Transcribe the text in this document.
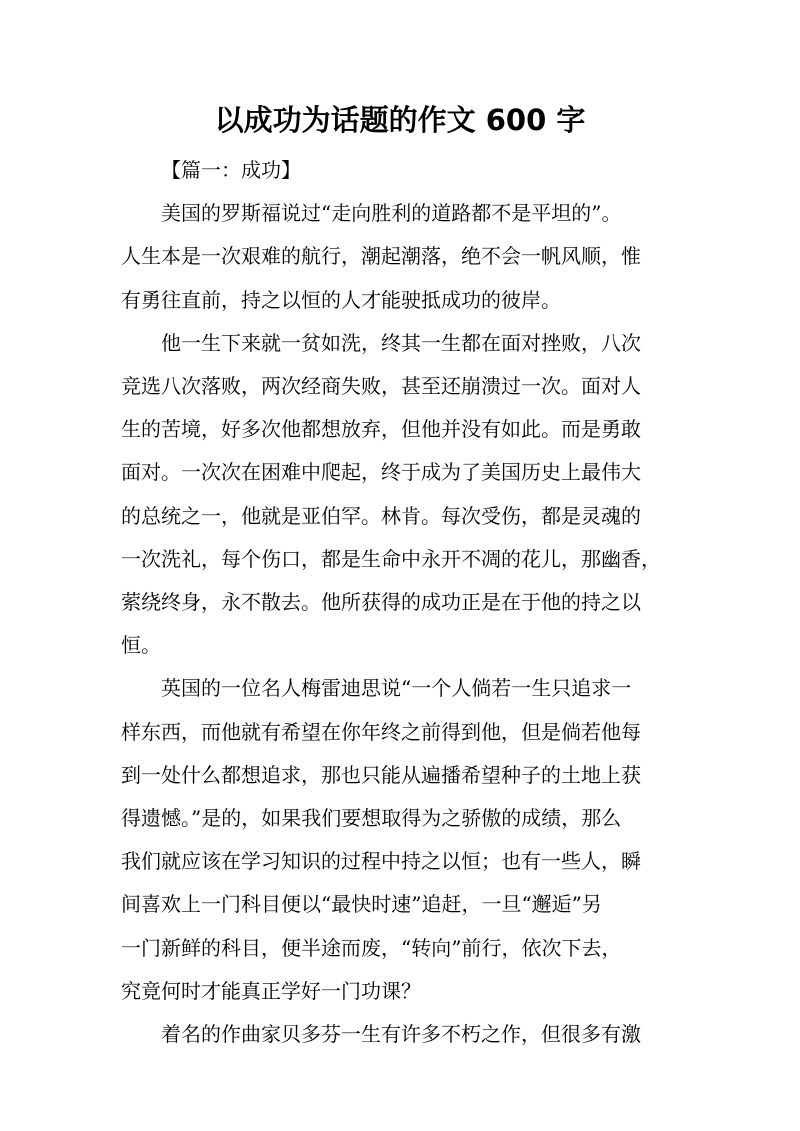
以成功为话题的作文 600 字
【篇一：成功】
美国的罗斯福说过“走向胜利的道路都不是平坦的”。
人生本是一次艰难的航行，潮起潮落，绝不会一帆风顺，惟
有勇往直前，持之以恒的人才能驶抵成功的彼岸。
他一生下来就一贫如洗，终其一生都在面对挫败，八次
竞选八次落败，两次经商失败，甚至还崩溃过一次。面对人
生的苦境，好多次他都想放弃，但他并没有如此。而是勇敢
面对。一次次在困难中爬起，终于成为了美国历史上最伟大
的总统之一，他就是亚伯罕。林肯。每次受伤，都是灵魂的
一次洗礼，每个伤口，都是生命中永开不凋的花儿，那幽香，
萦绕终身，永不散去。他所获得的成功正是在于他的持之以
恒。
英国的一位名人梅雷迪思说“一个人倘若一生只追求一
样东西，而他就有希望在你年终之前得到他，但是倘若他每
到一处什么都想追求，那也只能从遍播希望种子的土地上获
得遗憾。”是的，如果我们要想取得为之骄傲的成绩，那么
我们就应该在学习知识的过程中持之以恒；也有一些人，瞬
间喜欢上一门科目便以“最快时速”追赶，一旦“邂逅”另
一门新鲜的科目，便半途而废，“转向”前行，依次下去，
究竟何时才能真正学好一门功课？
着名的作曲家贝多芬一生有许多不朽之作，但很多有激
